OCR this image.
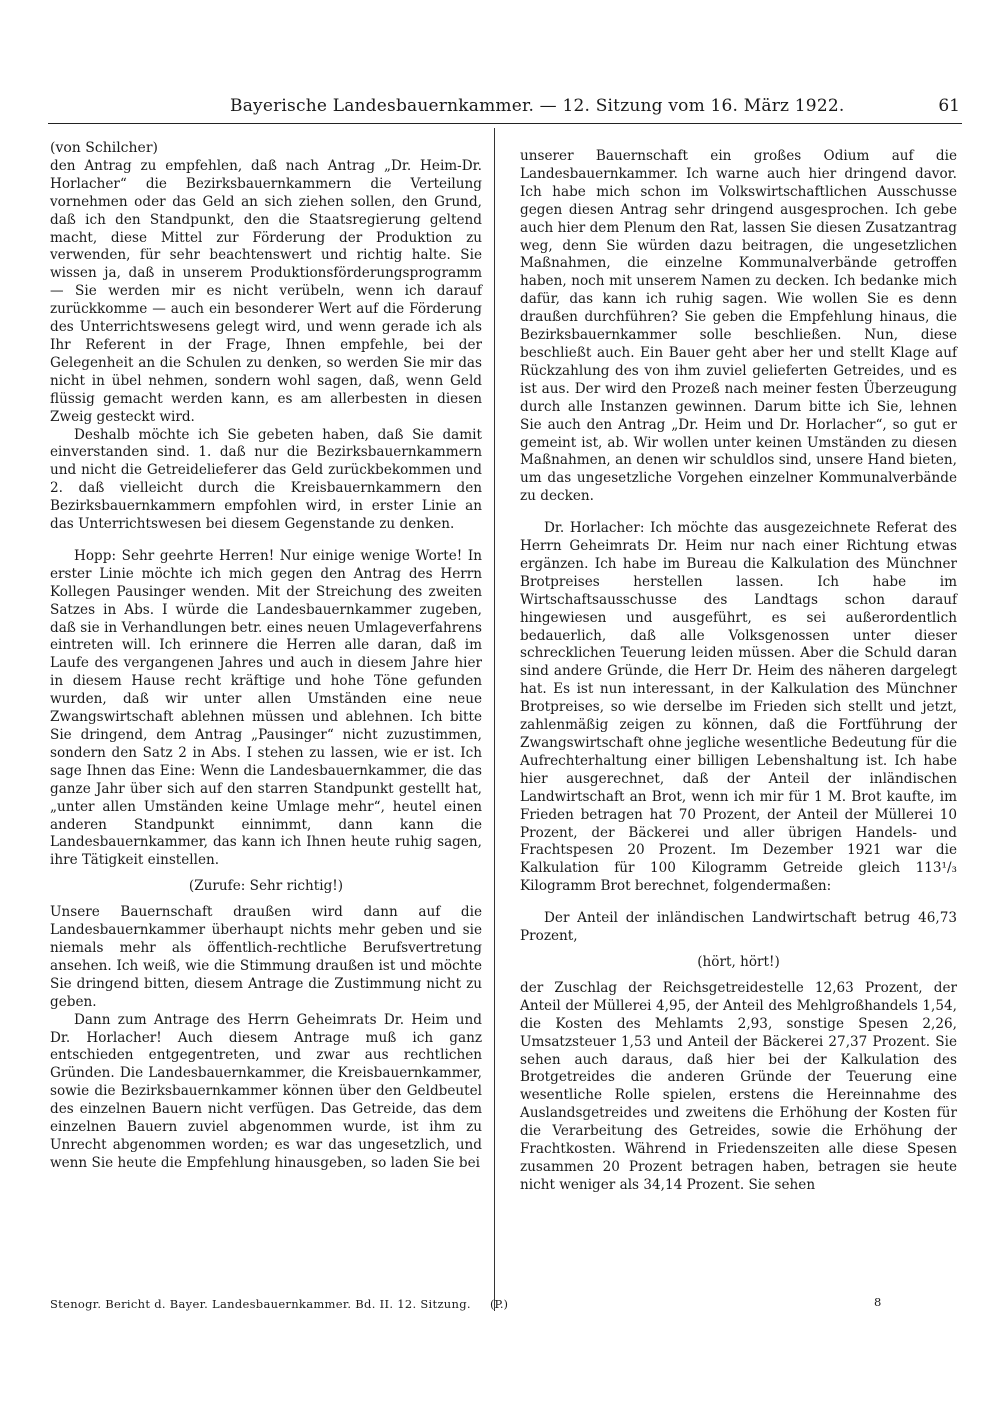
Bayerische Landesbauernkammer. — 12. Sitzung vom 16. März 1922.	61

(von Schilcher)

den Antrag zu empfehlen, daß nach Antrag „Dr. Heim-Dr. Horlacher“ die Bezirksbauernkammern die Verteilung vornehmen oder das Geld an sich ziehen sollen, den Grund, daß ich den Standpunkt, den die Staatsregierung geltend macht, diese Mittel zur Förderung der Produktion zu verwenden, für sehr beachtenswert und richtig halte. Sie wissen ja, daß in unserem Produktionsförderungsprogramm — Sie werden mir es nicht verübeln, wenn ich darauf zurückkomme — auch ein besonderer Wert auf die Förderung des Unterrichtswesens gelegt wird, und wenn gerade ich als Ihr Referent in der Frage, Ihnen empfehle, bei der Gelegenheit an die Schulen zu denken, so werden Sie mir das nicht in übel nehmen, sondern wohl sagen, daß, wenn Geld flüssig gemacht werden kann, es am allerbesten in diesen Zweig gesteckt wird.

Deshalb möchte ich Sie gebeten haben, daß Sie damit einverstanden sind. 1. daß nur die Bezirksbauernkammern und nicht die Getreidelieferer das Geld zurückbekommen und 2. daß vielleicht durch die Kreisbauernkammern den Bezirksbauernkammern empfohlen wird, in erster Linie an das Unterrichtswesen bei diesem Gegenstande zu denken.

Hopp: Sehr geehrte Herren! Nur einige wenige Worte! In erster Linie möchte ich mich gegen den Antrag des Herrn Kollegen Pausinger wenden. Mit der Streichung des zweiten Satzes in Abs. I würde die Landesbauernkammer zugeben, daß sie in Verhandlungen betr. eines neuen Umlageverfahrens eintreten will. Ich erinnere die Herren alle daran, daß im Laufe des vergangenen Jahres und auch in diesem Jahre hier in diesem Hause recht kräftige und hohe Töne gefunden wurden, daß wir unter allen Umständen eine neue Zwangswirtschaft ablehnen müssen und ablehnen. Ich bitte Sie dringend, dem Antrag „Pausinger“ nicht zuzustimmen, sondern den Satz 2 in Abs. I stehen zu lassen, wie er ist. Ich sage Ihnen das Eine: Wenn die Landesbauernkammer, die das ganze Jahr über sich auf den starren Standpunkt gestellt hat, „unter allen Umständen keine Umlage mehr“, heutel einen anderen Standpunkt einnimmt, dann kann die Landesbauernkammer, das kann ich Ihnen heute ruhig sagen, ihre Tätigkeit einstellen.

(Zurufe: Sehr richtig!)

Unsere Bauernschaft draußen wird dann auf die Landesbauernkammer überhaupt nichts mehr geben und sie niemals mehr als öffentlich-rechtliche Berufsvertretung ansehen. Ich weiß, wie die Stimmung draußen ist und möchte Sie dringend bitten, diesem Antrage die Zustimmung nicht zu geben.

Dann zum Antrage des Herrn Geheimrats Dr. Heim und Dr. Horlacher! Auch diesem Antrage muß ich ganz entschieden entgegentreten, und zwar aus rechtlichen Gründen. Die Landesbauernkammer, die Kreisbauernkammer, sowie die Bezirksbauernkammer können über den Geldbeutel des einzelnen Bauern nicht verfügen. Das Getreide, das dem einzelnen Bauern zuviel abgenommen wurde, ist ihm zu Unrecht abgenommen worden; es war das ungesetzlich, und wenn Sie heute die Empfehlung hinausgeben, so laden Sie bei

unserer Bauernschaft ein großes Odium auf die Landesbauernkammer. Ich warne auch hier dringend davor. Ich habe mich schon im Volkswirtschaftlichen Ausschusse gegen diesen Antrag sehr dringend ausgesprochen. Ich gebe auch hier dem Plenum den Rat, lassen Sie diesen Zusatzantrag weg, denn Sie würden dazu beitragen, die ungesetzlichen Maßnahmen, die einzelne Kommunalverbände getroffen haben, noch mit unserem Namen zu decken. Ich bedanke mich dafür, das kann ich ruhig sagen. Wie wollen Sie es denn draußen durchführen? Sie geben die Empfehlung hinaus, die Bezirksbauernkammer solle beschließen. Nun, diese beschließt auch. Ein Bauer geht aber her und stellt Klage auf Rückzahlung des von ihm zuviel gelieferten Getreides, und es ist aus. Der wird den Prozeß nach meiner festen Überzeugung durch alle Instanzen gewinnen. Darum bitte ich Sie, lehnen Sie auch den Antrag „Dr. Heim und Dr. Horlacher“, so gut er gemeint ist, ab. Wir wollen unter keinen Umständen zu diesen Maßnahmen, an denen wir schuldlos sind, unsere Hand bieten, um das ungesetzliche Vorgehen einzelner Kommunalverbände zu decken.

Dr. Horlacher: Ich möchte das ausgezeichnete Referat des Herrn Geheimrats Dr. Heim nur nach einer Richtung etwas ergänzen. Ich habe im Bureau die Kalkulation des Münchner Brotpreises herstellen lassen. Ich habe im Wirtschaftsausschusse des Landtags schon darauf hingewiesen und ausgeführt, es sei außerordentlich bedauerlich, daß alle Volksgenossen unter dieser schrecklichen Teuerung leiden müssen. Aber die Schuld daran sind andere Gründe, die Herr Dr. Heim des näheren dargelegt hat. Es ist nun interessant, in der Kalkulation des Münchner Brotpreises, so wie derselbe im Frieden sich stellt und jetzt, zahlenmäßig zeigen zu können, daß die Fortführung der Zwangswirtschaft ohne jegliche wesentliche Bedeutung für die Aufrechterhaltung einer billigen Lebenshaltung ist. Ich habe hier ausgerechnet, daß der Anteil der inländischen Landwirtschaft an Brot, wenn ich mir für 1 M. Brot kaufte, im Frieden betragen hat 70 Prozent, der Anteil der Müllerei 10 Prozent, der Bäckerei und aller übrigen Handels- und Frachtspesen 20 Prozent. Im Dezember 1921 war die Kalkulation für 100 Kilogramm Getreide gleich 113¹/₃ Kilogramm Brot berechnet, folgendermaßen:

Der Anteil der inländischen Landwirtschaft betrug 46,73 Prozent,

(hört, hört!)

der Zuschlag der Reichsgetreidestelle 12,63 Prozent, der Anteil der Müllerei 4,95, der Anteil des Mehlgroßhandels 1,54, die Kosten des Mehlamts 2,93, sonstige Spesen 2,26, Umsatzsteuer 1,53 und Anteil der Bäckerei 27,37 Prozent. Sie sehen auch daraus, daß hier bei der Kalkulation des Brotgetreides die anderen Gründe der Teuerung eine wesentliche Rolle spielen, erstens die Hereinnahme des Auslandsgetreides und zweitens die Erhöhung der Kosten für die Verarbeitung des Getreides, sowie die Erhöhung der Frachtkosten. Während in Friedenszeiten alle diese Spesen zusammen 20 Prozent betragen haben, betragen sie heute nicht weniger als 34,14 Prozent. Sie sehen

Stenogr. Bericht d. Bayer. Landesbauernkammer. Bd. II. 12. Sitzung. (P.)	8
